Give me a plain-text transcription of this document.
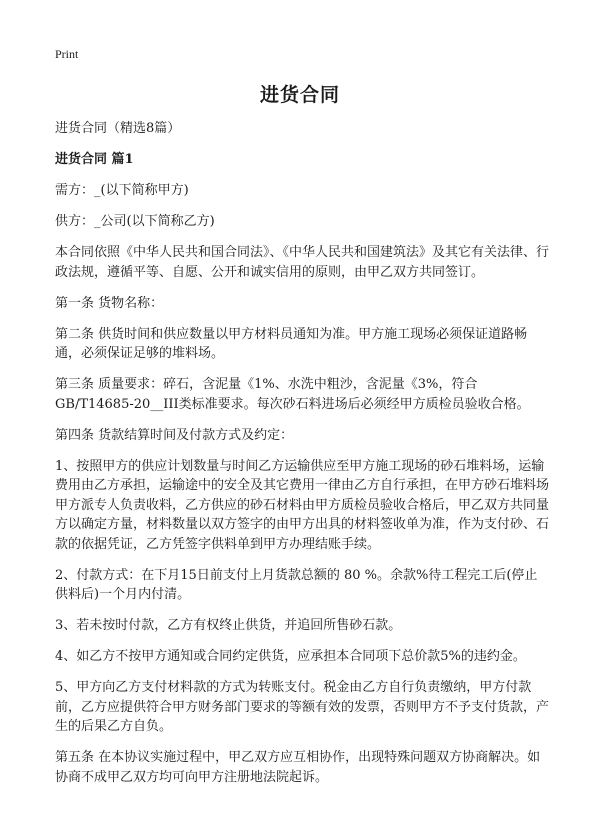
Print
进货合同

进货合同（精选8篇）

进货合同 篇1

需方：_(以下简称甲方)

供方：_公司(以下简称乙方)

本合同依照《中华人民共和国合同法》、《中华人民共和国建筑法》及其它有关法律、行政法规，遵循平等、自愿、公开和诚实信用的原则，由甲乙双方共同签订。

第一条 货物名称：

第二条 供货时间和供应数量以甲方材料员通知为准。甲方施工现场必须保证道路畅通，必须保证足够的堆料场。

第三条 质量要求：碎石，含泥量《1%、水洗中粗沙，含泥量《3%，符合GB/T14685-20__III类标准要求。每次砂石料进场后必须经甲方质检员验收合格。

第四条 货款结算时间及付款方式及约定：

1、按照甲方的供应计划数量与时间乙方运输供应至甲方施工现场的砂石堆料场，运输费用由乙方承担，运输途中的安全及其它费用一律由乙方自行承担，在甲方砂石堆料场甲方派专人负责收料，乙方供应的砂石材料由甲方质检员验收合格后，甲乙双方共同量方以确定方量，材料数量以双方签字的由甲方出具的材料签收单为准，作为支付砂、石款的依据凭证，乙方凭签字供料单到甲方办理结账手续。

2、付款方式：在下月15日前支付上月货款总额的 80 %。余款%待工程完工后(停止供料后)一个月内付清。

3、若未按时付款，乙方有权终止供货，并追回所售砂石款。

4、如乙方不按甲方通知或合同约定供货，应承担本合同项下总价款5%的违约金。

5、甲方向乙方支付材料款的方式为转账支付。税金由乙方自行负责缴纳，甲方付款前，乙方应提供符合甲方财务部门要求的等额有效的发票，否则甲方不予支付货款，产生的后果乙方自负。

第五条 在本协议实施过程中，甲乙双方应互相协作，出现特殊问题双方协商解决。如协商不成甲乙双方均可向甲方注册地法院起诉。
